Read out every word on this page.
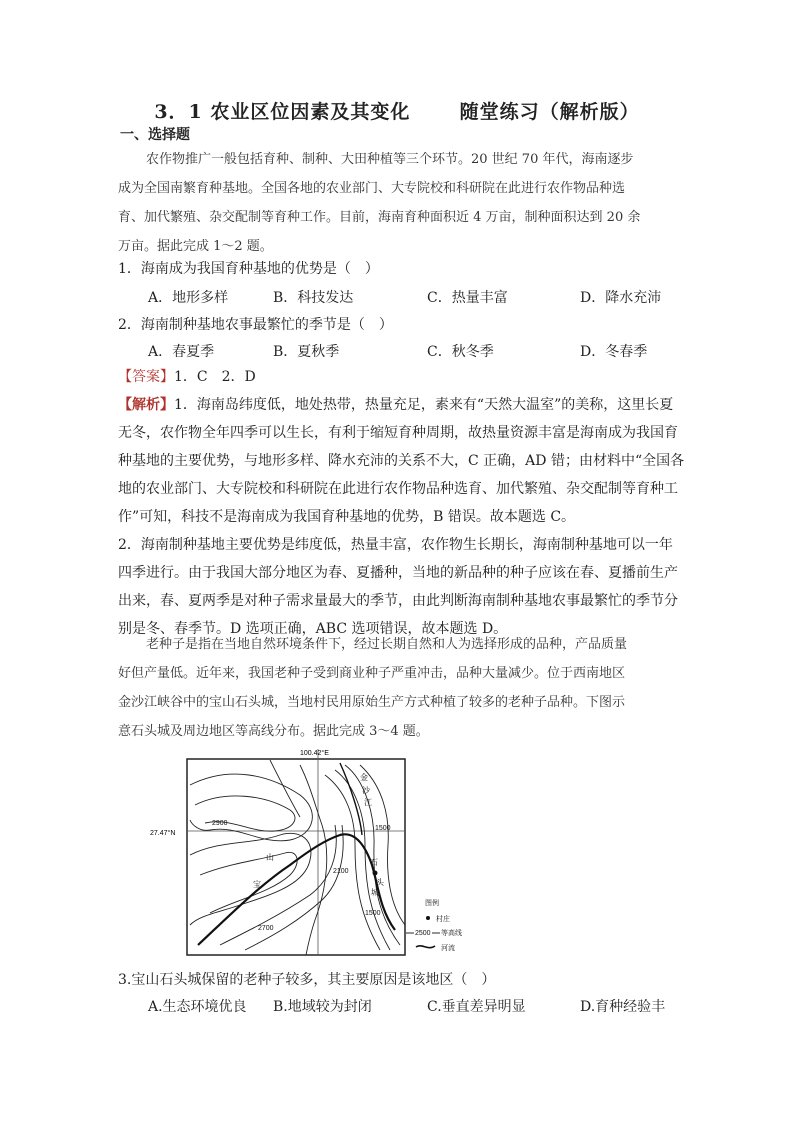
3．1 农业区位因素及其变化	随堂练习（解析版）
一、选择题
农作物推广一般包括育种、制种、大田种植等三个环节。20 世纪 70 年代，海南逐步
成为全国南繁育种基地。全国各地的农业部门、大专院校和科研院在此进行农作物品种选
育、加代繁殖、杂交配制等育种工作。目前，海南育种面积近 4 万亩，制种面积达到 20 余
万亩。据此完成 1～2 题。
1．海南成为我国育种基地的优势是（　）
A．地形多样	B．科技发达	C．热量丰富	D．降水充沛
2．海南制种基地农事最繁忙的季节是（　）
A．春夏季	B．夏秋季	C．秋冬季	D．冬春季
【答案】1．C　2．D
【解析】1．海南岛纬度低，地处热带，热量充足，素来有“天然大温室”的美称，这里长夏
无冬，农作物全年四季可以生长，有利于缩短育种周期，故热量资源丰富是海南成为我国育
种基地的主要优势，与地形多样、降水充沛的关系不大，C 正确，AD 错；由材料中“全国各
地的农业部门、大专院校和科研院在此进行农作物品种选育、加代繁殖、杂交配制等育种工
作”可知，科技不是海南成为我国育种基地的优势，B 错误。故本题选 C。
2．海南制种基地主要优势是纬度低，热量丰富，农作物生长期长，海南制种基地可以一年
四季进行。由于我国大部分地区为春、夏播种，当地的新品种的种子应该在春、夏播前生产
出来，春、夏两季是对种子需求量最大的季节，由此判断海南制种基地农事最繁忙的季节分
别是冬、春季节。D 选项正确，ABC 选项错误，故本题选 D。
老种子是指在当地自然环境条件下，经过长期自然和人为选择形成的品种，产品质量
好但产量低。近年来，我国老种子受到商业种子严重冲击，品种大量减少。位于西南地区
金沙江峡谷中的宝山石头城，当地村民用原始生产方式种植了较多的老种子品种。下图示
意石头城及周边地区等高线分布。据此完成 3～4 题。
100.42°E
27.47°N
2900
2700
2100
1500
1500
宝
山
石
头
城
金
沙
江
图例
村庄
2500 等高线
河流
3.宝山石头城保留的老种子较多，其主要原因是该地区（　）
A.生态环境优良 B.地域较为封闭	C.垂直差异明显	D.育种经验丰
